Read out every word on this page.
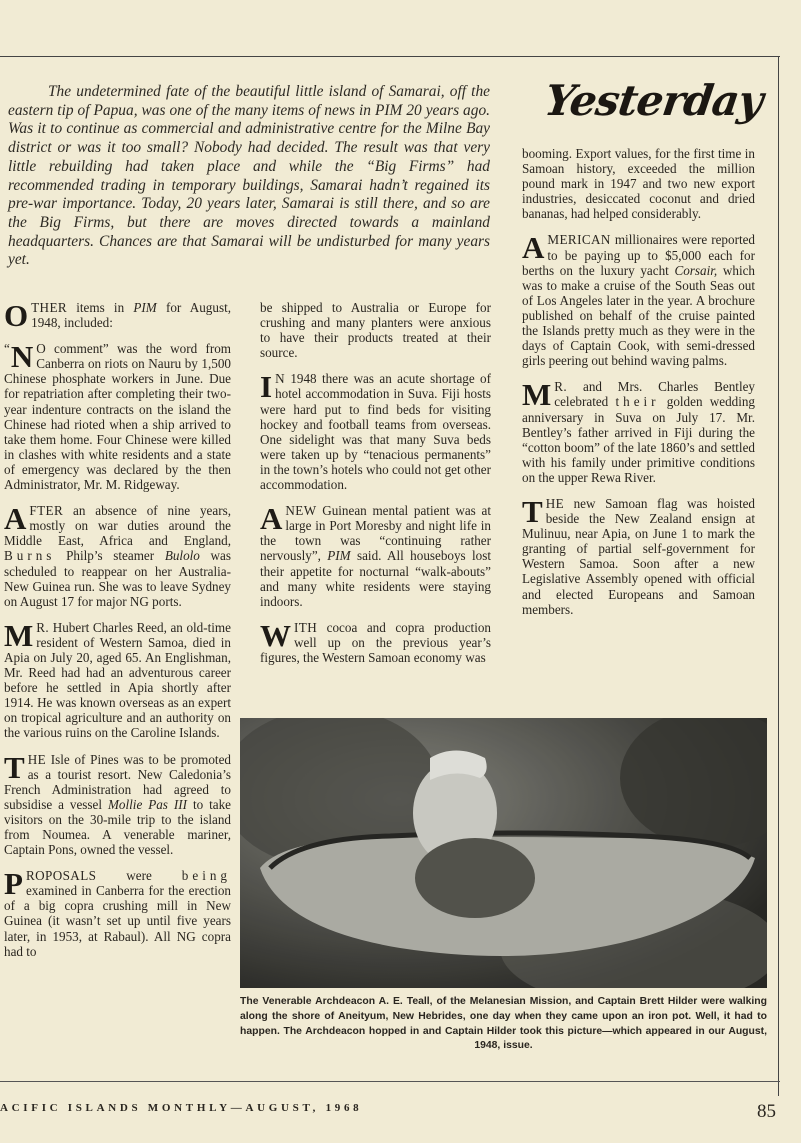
The undetermined fate of the beautiful little island of Samarai, off the eastern tip of Papua, was one of the many items of news in PIM 20 years ago. Was it to continue as commercial and administrative centre for the Milne Bay district or was it too small? Nobody had decided. The result was that very little rebuilding had taken place and while the “Big Firms” had recommended trading in temporary buildings, Samarai hadn’t regained its pre-war importance. Today, 20 years later, Samarai is still there, and so are the Big Firms, but there are moves directed towards a mainland headquarters. Chances are that Samarai will be undisturbed for many years yet.

Yesterday

OTHER items in PIM for August, 1948, included:

“ N O comment” was the word from Canberra on riots on Nauru by 1,500 Chinese phosphate workers in June. Due for repatriation after completing their two-year indenture contracts on the island the Chinese had rioted when a ship arrived to take them home. Four Chinese were killed in clashes with white residents and a state of emergency was declared by the then Administrator, Mr. M. Ridgeway.

AFTER an absence of nine years, mostly on war duties around the Middle East, Africa and England, Burns Philp’s steamer Bulolo was scheduled to reappear on her Australia-New Guinea run. She was to leave Sydney on August 17 for major NG ports.

M R. Hubert Charles Reed, an old-time resident of Western Samoa, died in Apia on July 20, aged 65. An Englishman, Mr. Reed had had an adventurous career before he settled in Apia shortly after 1914. He was known overseas as an expert on tropical agriculture and an authority on the various ruins on the Caroline Islands.

THE Isle of Pines was to be promoted as a tourist resort. New Caledonia’s French Administration had agreed to subsidise a vessel Mollie Pas III to take visitors on the 30-mile trip to the island from Noumea. A venerable mariner, Captain Pons, owned the vessel.

PROPOSALS were being examined in Canberra for the erection of a big copra crushing mill in New Guinea (it wasn’t set up until five years later, in 1953, at Rabaul). All NG copra had to

be shipped to Australia or Europe for crushing and many planters were anxious to have their products treated at their source.

I N 1948 there was an acute shortage of hotel accommodation in Suva. Fiji hosts were hard put to find beds for visiting hockey and football teams from overseas. One sidelight was that many Suva beds were taken up by “tenacious permanents” in the town’s hotels who could not get other accommodation.

A NEW Guinean mental patient was at large in Port Moresby and night life in the town was “continuing rather nervously”, PIM said. All houseboys lost their appetite for nocturnal “walk-abouts” and many white residents were staying indoors.

WITH cocoa and copra production well up on the previous year’s figures, the Western Samoan economy was

booming. Export values, for the first time in Samoan history, exceeded the million pound mark in 1947 and two new export industries, desiccated coconut and dried bananas, had helped considerably.

AMERICAN millionaires were reported to be paying up to $5,000 each for berths on the luxury yacht Corsair, which was to make a cruise of the South Seas out of Los Angeles later in the year. A brochure published on behalf of the cruise painted the Islands pretty much as they were in the days of Captain Cook, with semi-dressed girls peering out behind waving palms.

M R. and Mrs. Charles Bentley celebrated their golden wedding anniversary in Suva on July 17. Mr. Bentley’s father arrived in Fiji during the “cotton boom” of the late 1860’s and settled with his family under primitive conditions on the upper Rewa River.

THE new Samoan flag was hoisted beside the New Zealand ensign at Mulinuu, near Apia, on June 1 to mark the granting of partial self-government for Western Samoa. Soon after a new Legislative Assembly opened with official and elected Europeans and Samoan members.

The Venerable Archdeacon A. E. Teall, of the Melanesian Mission, and Captain Brett Hilder were walking along the shore of Aneityum, New Hebrides, one day when they came upon an iron pot. Well, it had to happen. The Archdeacon hopped in and Captain Hilder took this picture—which appeared in our August, 1948, issue.
ACIFIC ISLANDS MONTHLY—AUGUST, 1968	85
